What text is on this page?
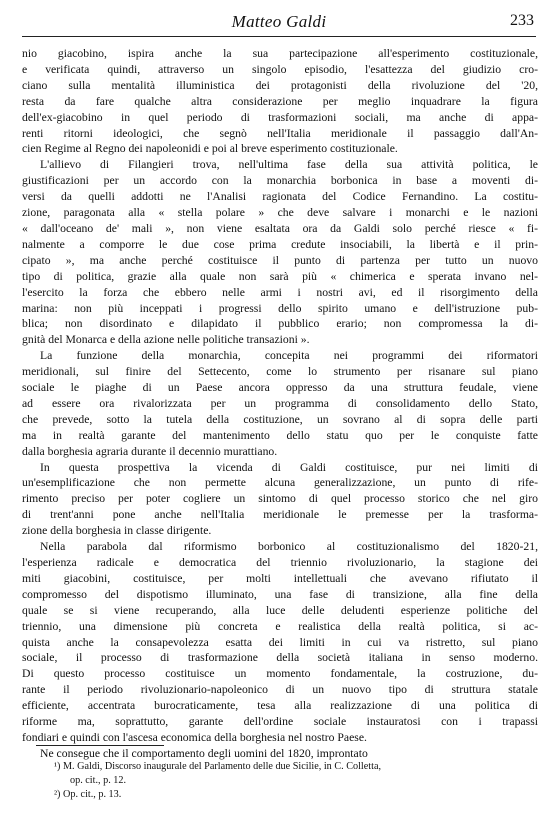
Matteo Galdi	233
nio giacobino, ispira anche la sua partecipazione all'esperimento costituzionale,
e verificata quindi, attraverso un singolo episodio, l'esattezza del giudizio cro-
ciano sulla mentalità illuministica dei protagonisti della rivoluzione del '20,
resta da fare qualche altra considerazione per meglio inquadrare la figura
dell'ex-giacobino in quel periodo di trasformazioni sociali, ma anche di appa-
renti ritorni ideologici, che segnò nell'Italia meridionale il passaggio dall'An-
cien Regime al Regno dei napoleonidi e poi al breve esperimento costituzionale.
L'allievo di Filangieri trova, nell'ultima fase della sua attività politica, le
giustificazioni per un accordo con la monarchia borbonica in base a moventi di-
versi da quelli addotti ne l'Analisi ragionata del Codice Fernandino. La costitu-
zione, paragonata alla « stella polare » che deve salvare i monarchi e le nazioni
« dall'oceano de' mali », non viene esaltata ora da Galdi solo perché riesce « fi-
nalmente a comporre le due cose prima credute insociabili, la libertà e il prin-
cipato », ma anche perché costituisce il punto di partenza per tutto un nuovo
tipo di politica, grazie alla quale non sarà più « chimerica e sperata invano nel-
l'esercito la forza che ebbero nelle armi i nostri avi, ed il risorgimento della
marina: non più inceppati i progressi dello spirito umano e dell'istruzione pub-
blica; non disordinato e dilapidato il pubblico erario; non compromessa la di-
gnità del Monarca e della azione nelle politiche transazioni ».
La funzione della monarchia, concepita nei programmi dei riformatori
meridionali, sul finire del Settecento, come lo strumento per risanare sul piano
sociale le piaghe di un Paese ancora oppresso da una struttura feudale, viene
ad essere ora rivalorizzata per un programma di consolidamento dello Stato,
che prevede, sotto la tutela della costituzione, un sovrano al di sopra delle parti
ma in realtà garante del mantenimento dello statu quo per le conquiste fatte
dalla borghesia agraria durante il decennio murattiano.
In questa prospettiva la vicenda di Galdi costituisce, pur nei limiti di
un'esemplificazione che non permette alcuna generalizzazione, un punto di rife-
rimento preciso per poter cogliere un sintomo di quel processo storico che nel giro
di trent'anni pone anche nell'Italia meridionale le premesse per la trasforma-
zione della borghesia in classe dirigente.
Nella parabola dal riformismo borbonico al costituzionalismo del 1820-21,
l'esperienza radicale e democratica del triennio rivoluzionario, la stagione dei
miti giacobini, costituisce, per molti intellettuali che avevano rifiutato il
compromesso del dispotismo illuminato, una fase di transizione, alla fine della
quale se si viene recuperando, alla luce delle deludenti esperienze politiche del
triennio, una dimensione più concreta e realistica della realtà politica, si ac-
quista anche la consapevolezza esatta dei limiti in cui va ristretto, sul piano
sociale, il processo di trasformazione della società italiana in senso moderno.
Di questo processo costituisce un momento fondamentale, la costruzione, du-
rante il periodo rivoluzionario-napoleonico di un nuovo tipo di struttura statale
efficiente, accentrata burocraticamente, tesa alla realizzazione di una politica di
riforme ma, soprattutto, garante dell'ordine sociale instauratosi con i trapassi
fondiari e quindi con l'ascesa economica della borghesia nel nostro Paese.
Ne consegue che il comportamento degli uomini del 1820, improntato
¹) M. Galdi, Discorso inaugurale del Parlamento delle due Sicilie, in C. Colletta,
op. cit., p. 12.
²) Op. cit., p. 13.
